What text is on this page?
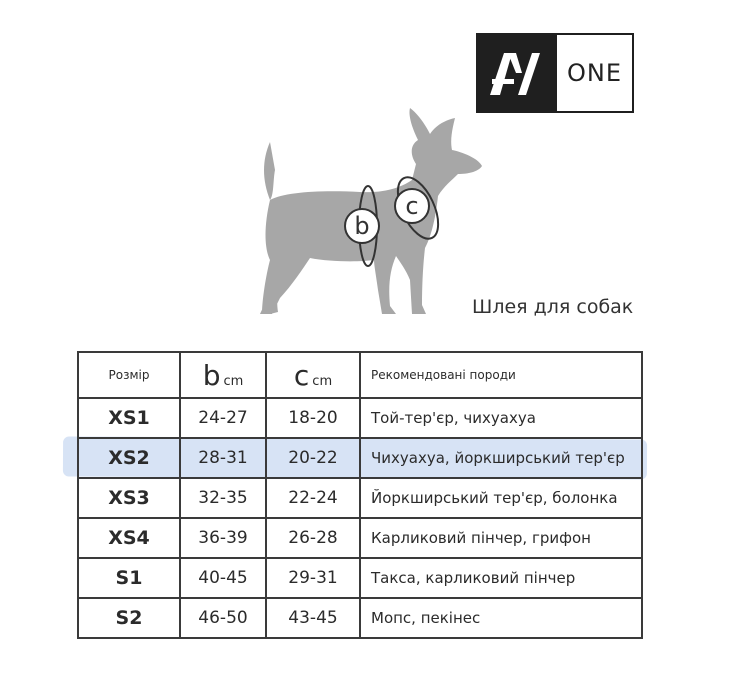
ONE
b
c
Шлея для собак
Розмір	b cm	c cm	Рекомендовані породи
XS1	24-27	18-20	Той-тер'єр, чихуахуа
XS2	28-31	20-22	Чихуахуа, йоркширський тер'єр
XS3	32-35	22-24	Йоркширський тер'єр, болонка
XS4	36-39	26-28	Карликовий пінчер, грифон
S1	40-45	29-31	Такса, карликовий пінчер
S2	46-50	43-45	Мопс, пекінес
